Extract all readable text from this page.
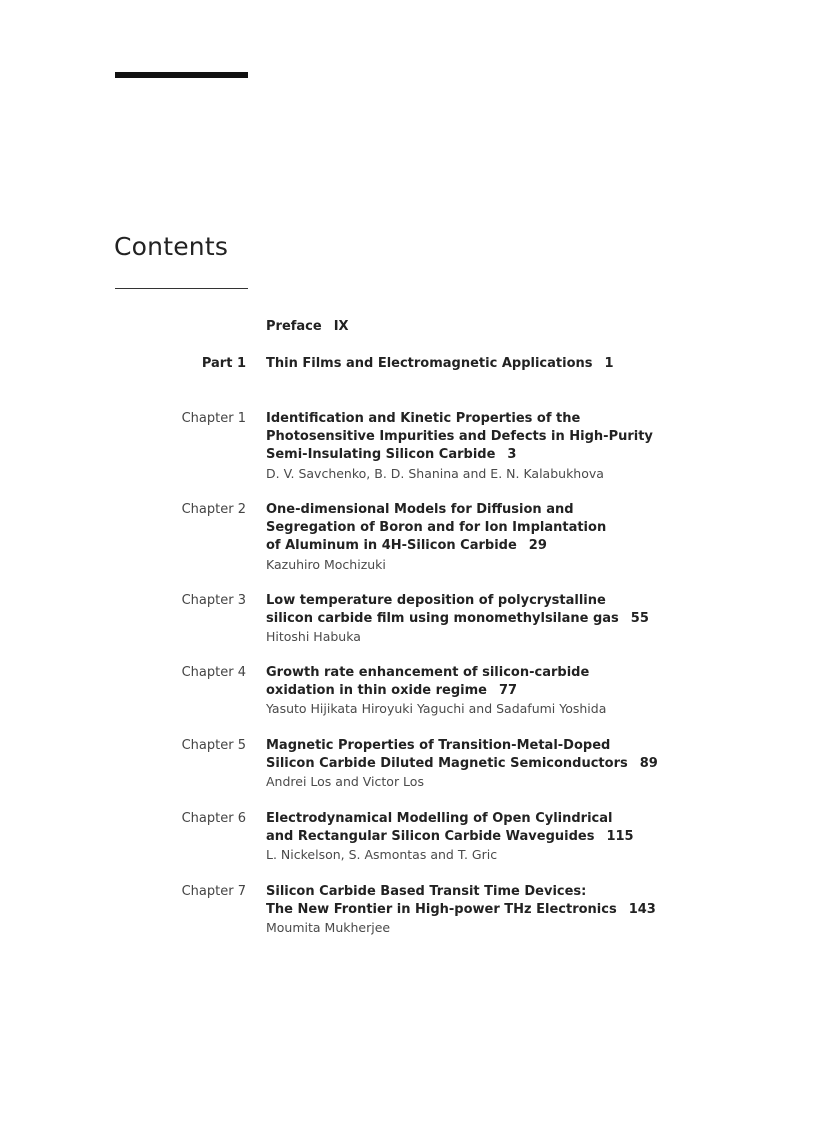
Contents
Preface IX
Part 1 Thin Films and Electromagnetic Applications 1
Chapter 1 Identification and Kinetic Properties of the
Photosensitive Impurities and Defects in High-Purity
Semi-Insulating Silicon Carbide 3
D. V. Savchenko, B. D. Shanina and E. N. Kalabukhova
Chapter 2 One-dimensional Models for Diffusion and
Segregation of Boron and for Ion Implantation
of Aluminum in 4H-Silicon Carbide 29
Kazuhiro Mochizuki
Chapter 3 Low temperature deposition of polycrystalline
silicon carbide film using monomethylsilane gas 55
Hitoshi Habuka
Chapter 4 Growth rate enhancement of silicon-carbide
oxidation in thin oxide regime 77
Yasuto Hijikata Hiroyuki Yaguchi and Sadafumi Yoshida
Chapter 5 Magnetic Properties of Transition-Metal-Doped
Silicon Carbide Diluted Magnetic Semiconductors 89
Andrei Los and Victor Los
Chapter 6 Electrodynamical Modelling of Open Cylindrical
and Rectangular Silicon Carbide Waveguides 115
L. Nickelson, S. Asmontas and T. Gric
Chapter 7 Silicon Carbide Based Transit Time Devices:
The New Frontier in High-power THz Electronics 143
Moumita Mukherjee
